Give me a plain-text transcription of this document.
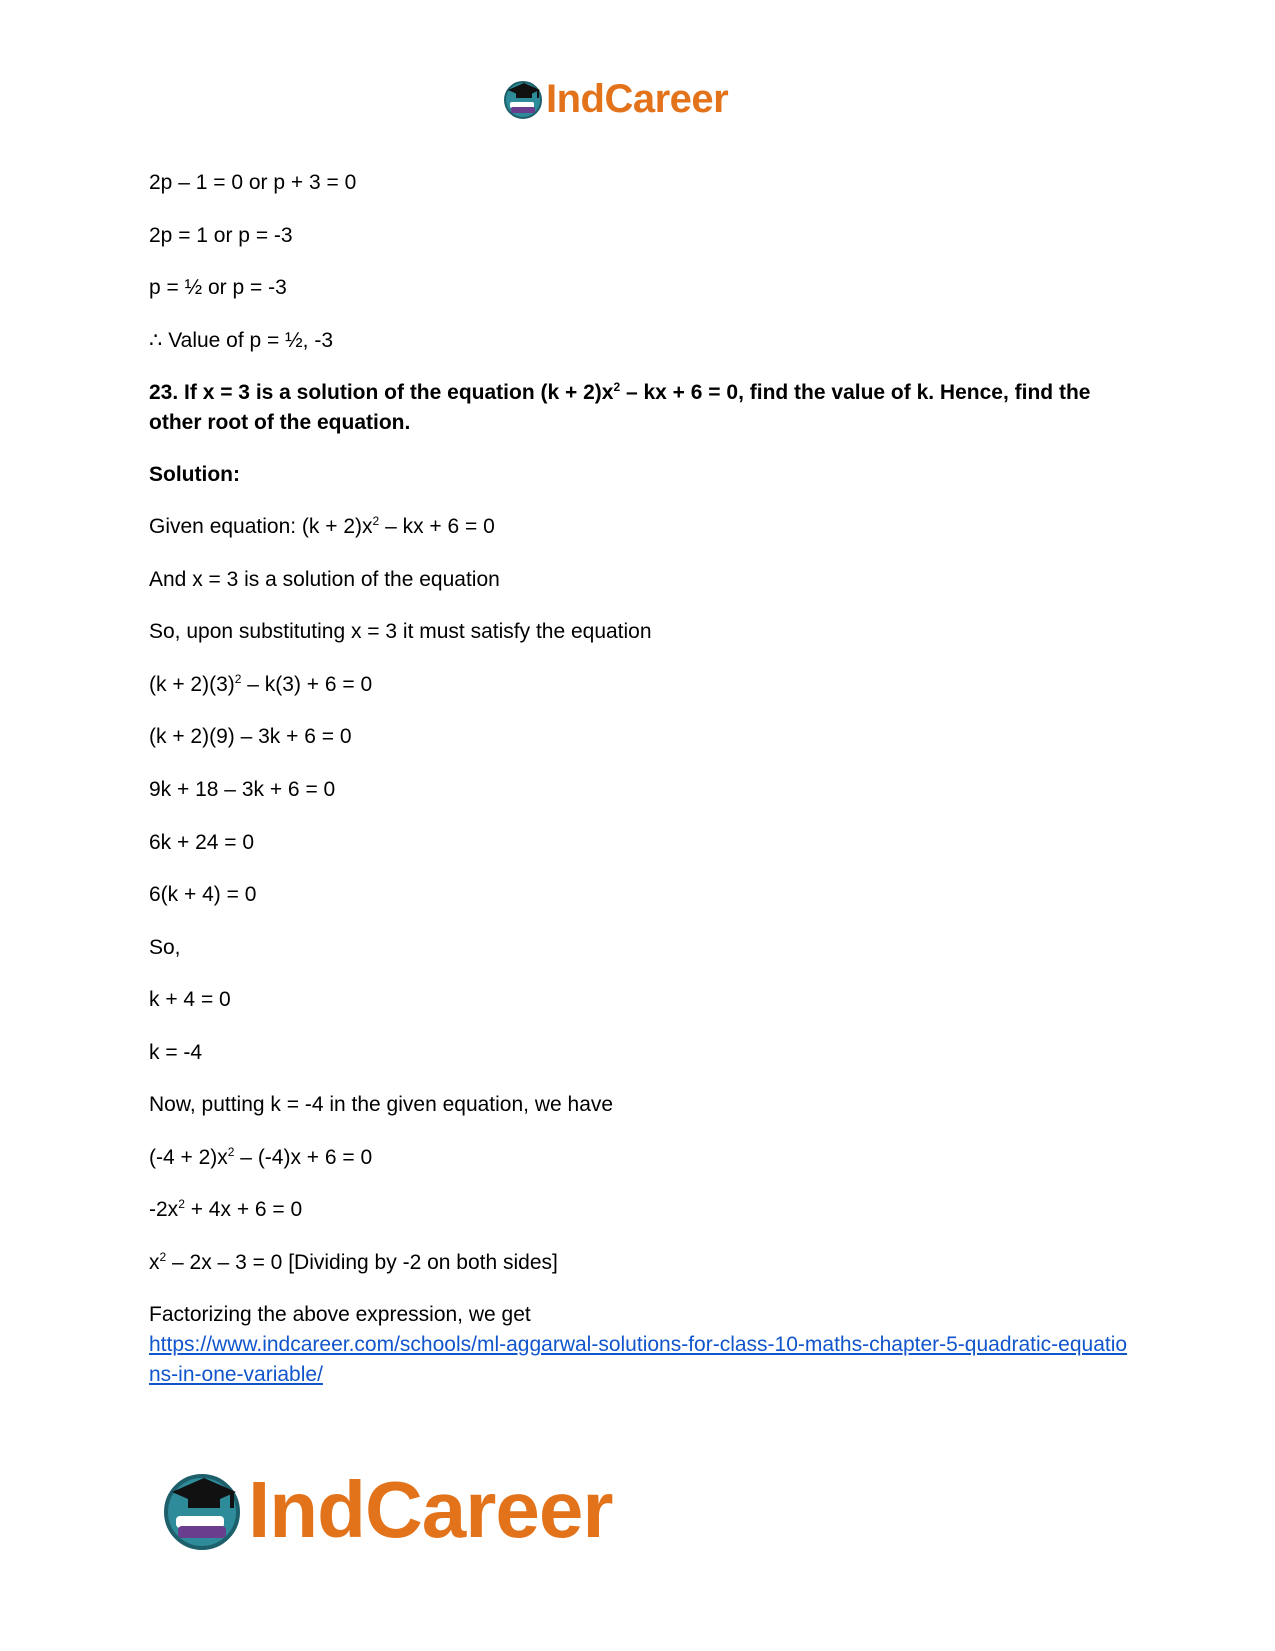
IndCareer
2p – 1 = 0 or p + 3 = 0
2p = 1 or p = -3
p = ½ or p = -3
∴ Value of p = ½, -3
23. If x = 3 is a solution of the equation $(k + 2)x^2$ – kx + 6 = 0, find the value of k. Hence, find the other root of the equation.
Solution:
Given equation: $(k + 2)x^2$ – kx + 6 = 0
And x = 3 is a solution of the equation
So, upon substituting x = 3 it must satisfy the equation
$(k + 2)(3)^2 - k(3) + 6 = 0$
(k + 2)(9) – 3k + 6 = 0
9k + 18 – 3k + 6 = 0
6k + 24 = 0
6(k + 4) = 0
So,
k + 4 = 0
k = -4
Now, putting k = -4 in the given equation, we have
$(-4 + 2)x^2 - (-4)x + 6 = 0$
$-2x^2 + 4x + 6 = 0$
$x^2 - 2x - 3 = 0$ [Dividing by -2 on both sides]
Factorizing the above expression, we get
https://www.indcareer.com/schools/ml-aggarwal-solutions-for-class-10-maths-chapter-5-quadratic-equations-in-one-variable/
IndCareer
